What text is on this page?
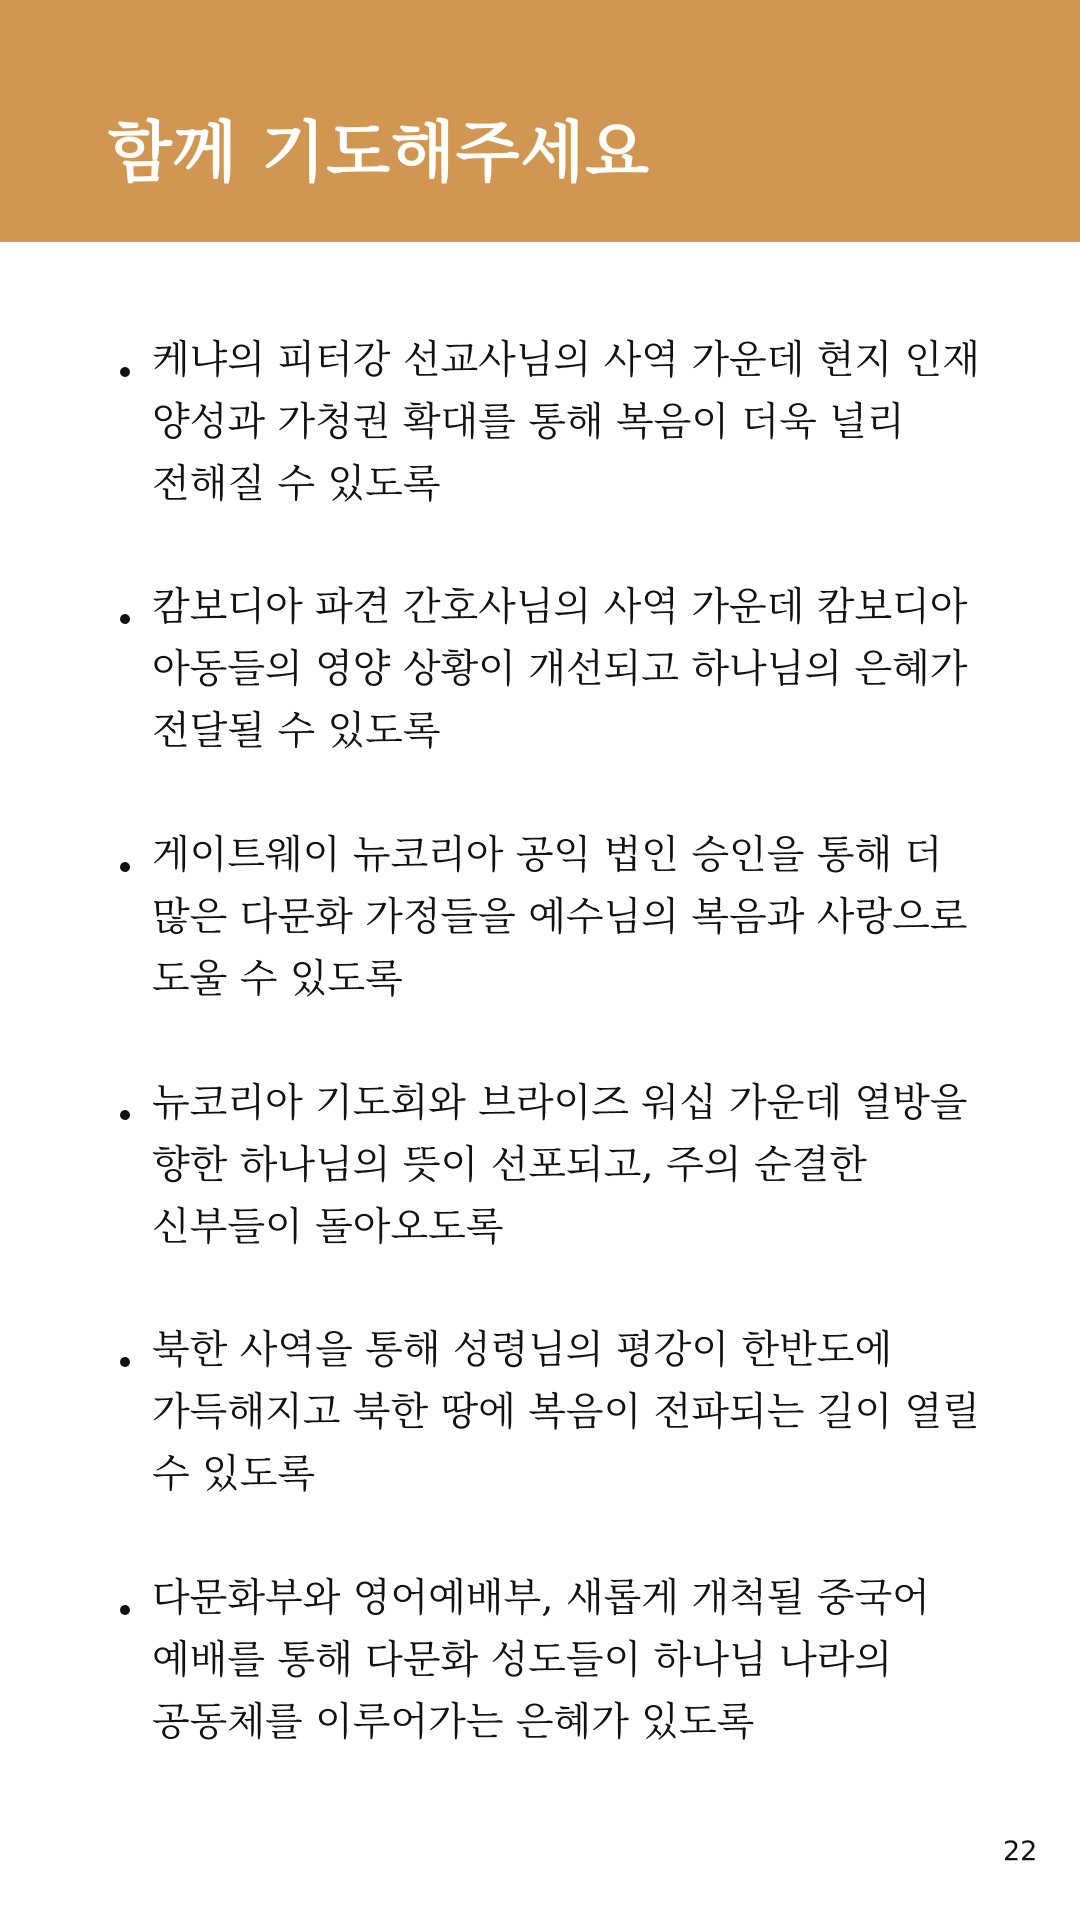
함께 기도해주세요
케냐의 피터강 선교사님의 사역 가운데 현지 인재 양성과 가청권 확대를 통해 복음이 더욱 널리 전해질 수 있도록
캄보디아 파견 간호사님의 사역 가운데 캄보디아 아동들의 영양 상황이 개선되고 하나님의 은혜가 전달될 수 있도록
게이트웨이 뉴코리아 공익 법인 승인을 통해 더 많은 다문화 가정들을 예수님의 복음과 사랑으로 도울 수 있도록
뉴코리아 기도회와 브라이즈 워십 가운데 열방을 향한 하나님의 뜻이 선포되고, 주의 순결한 신부들이 돌아오도록
북한 사역을 통해 성령님의 평강이 한반도에 가득해지고 북한 땅에 복음이 전파되는 길이 열릴 수 있도록
다문화부와 영어예배부, 새롭게 개척될 중국어 예배를 통해 다문화 성도들이 하나님 나라의 공동체를 이루어가는 은혜가 있도록
22
